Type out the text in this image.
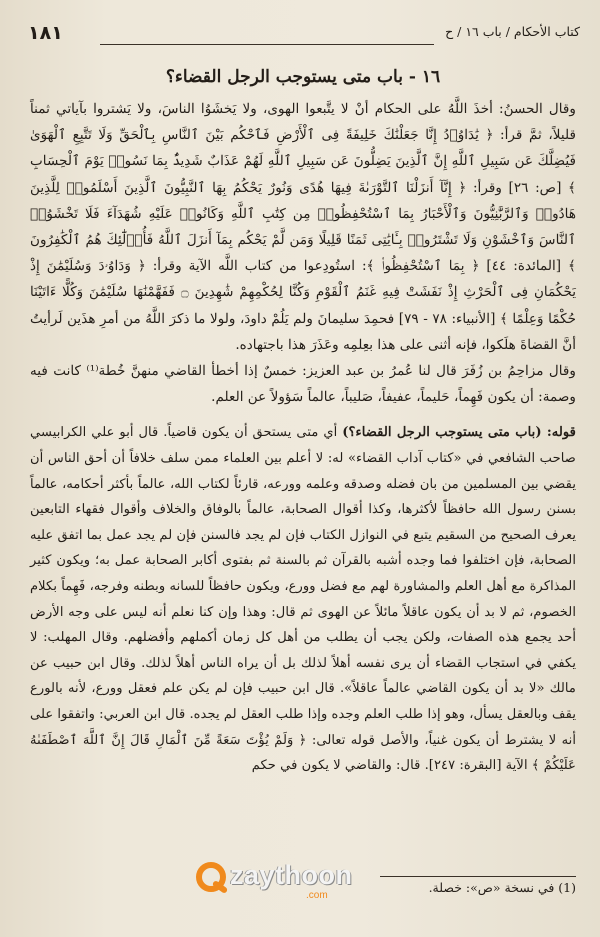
١٨١	كتاب الأحكام / باب ١٦ / ح

١٦ - باب متى يستوجب الرجل القضاء؟

وقال الحسنُ: أخذَ اللَّهُ على الحكام أنْ لا يتَّبعوا الهوى، ولا يَخشَوُا الناسَ، ولا يَشتروا بآياتي ثمناً قليلاً، ثمَّ قرأ: ﴿ يَٰدَاوُۥدُ إِنَّا جَعَلْنَٰكَ خَلِيفَةً فِى ٱلْأَرْضِ فَٱحْكُم بَيْنَ ٱلنَّاسِ بِٱلْحَقِّ وَلَا تَتَّبِعِ ٱلْهَوَىٰ فَيُضِلَّكَ عَن سَبِيلِ ٱللَّهِ إِنَّ ٱلَّذِينَ يَضِلُّونَ عَن سَبِيلِ ٱللَّهِ لَهُمْ عَذَابٌ شَدِيدٌۢ بِمَا نَسُوا۟ يَوْمَ ٱلْحِسَابِ ﴾ [ص: ٢٦] وقرأ: ﴿ إِنَّآ أَنزَلْنَا ٱلتَّوْرَىٰةَ فِيهَا هُدًى وَنُورٌ يَحْكُمُ بِهَا ٱلنَّبِيُّونَ ٱلَّذِينَ أَسْلَمُوا۟ لِلَّذِينَ هَادُوا۟ وَٱلرَّبَّٰنِيُّونَ وَٱلْأَحْبَارُ بِمَا ٱسْتُحْفِظُوا۟ مِن كِتَٰبِ ٱللَّهِ وَكَانُوا۟ عَلَيْهِ شُهَدَآءَ فَلَا تَخْشَوُا۟ ٱلنَّاسَ وَٱخْشَوْنِ وَلَا تَشْتَرُوا۟ بِـَٔايَٰتِى ثَمَنًا قَلِيلًا وَمَن لَّمْ يَحْكُم بِمَآ أَنزَلَ ٱللَّهُ فَأُو۟لَٰٓئِكَ هُمُ ٱلْكَٰفِرُونَ ﴾ [المائدة: ٤٤] ﴿ بِمَا ٱسْتُحْفِظُوا۟ ﴾: استُودِعوا من كتاب اللَّه الآية وقرأ: ﴿ وَدَاوُۥدَ وَسُلَيْمَٰنَ إِذْ يَحْكُمَانِ فِى ٱلْحَرْثِ إِذْ نَفَشَتْ فِيهِ غَنَمُ ٱلْقَوْمِ وَكُنَّا لِحُكْمِهِمْ شَٰهِدِينَ ۝ فَفَهَّمْنَٰهَا سُلَيْمَٰنَ وَكُلًّا ءَاتَيْنَا حُكْمًا وَعِلْمًا ﴾ [الأنبياء: ٧٨ - ٧٩] فحمِدَ سليمانَ ولم يَلُمْ داودَ، ولولا ما ذكرَ اللَّهُ من أمرِ هذَين لَرأيتُ أنَّ القضاةَ هلَكوا، فإنه أثنى على هذا بعِلمِه وعَذَرَ هذا باجتهاده.

وقال مزاحِمُ بن زُفَرَ قال لنا عُمرُ بن عبد العزيز: خمسٌ إذا أخطأ القاضي منهنَّ خُطة⁽¹⁾ كانت فيه وصمة: أن يكون فَهِماً، حَليماً، عفيفاً، صَليباً، عالماً سَؤولاً عن العلم.

قوله: (باب متى يستوجب الرجل القضاء؟) أي متى يستحق أن يكون قاضياً. قال أبو علي الكرابيسي صاحب الشافعي في «كتاب آداب القضاء» له: لا أعلم بين العلماء ممن سلف خلافاً أن أحق الناس أن يقضي بين المسلمين من بان فضله وصدقه وعلمه وورعه، قارئاً لكتاب الله، عالماً بأكثر أحكامه، عالماً بسنن رسول الله حافظاً لأكثرها، وكذا أقوال الصحابة، عالماً بالوفاق والخلاف وأقوال فقهاء التابعين يعرف الصحيح من السقيم يتبع في النوازل الكتاب فإن لم يجد فالسنن فإن لم يجد عمل بما اتفق عليه الصحابة، فإن اختلفوا فما وجده أشبه بالقرآن ثم بالسنة ثم بفتوى أكابر الصحابة عمل به؛ ويكون كثير المذاكرة مع أهل العلم والمشاورة لهم مع فضل وورع، ويكون حافظاً للسانه وبطنه وفرجه، فَهِماً بكلام الخصوم، ثم لا بد أن يكون عاقلاً مائلاً عن الهوى ثم قال: وهذا وإن كنا نعلم أنه ليس على وجه الأرض أحد يجمع هذه الصفات، ولكن يجب أن يطلب من أهل كل زمان أكملهم وأفضلهم. وقال المهلب: لا يكفي في استجاب القضاء أن يرى نفسه أهلاً لذلك بل أن يراه الناس أهلاً لذلك. وقال ابن حبيب عن مالك «لا بد أن يكون القاضي عالماً عاقلاً». قال ابن حبيب فإن لم يكن علم فعقل وورع، لأنه بالورع يقف وبالعقل يسأل، وهو إذا طلب العلم وجده وإذا طلب العقل لم يجده. قال ابن العربي: واتفقوا على أنه لا يشترط أن يكون غنياً، والأصل قوله تعالى: ﴿ وَلَمْ يُؤْتَ سَعَةً مِّنَ ٱلْمَالِ قَالَ إِنَّ ٱللَّهَ ٱصْطَفَىٰهُ عَلَيْكُمْ ﴾ الآية [البقرة: ٢٤٧]. قال: والقاضي لا يكون في حكم

zaythoon
.com
(1) في نسخة «ص»: خصلة.
